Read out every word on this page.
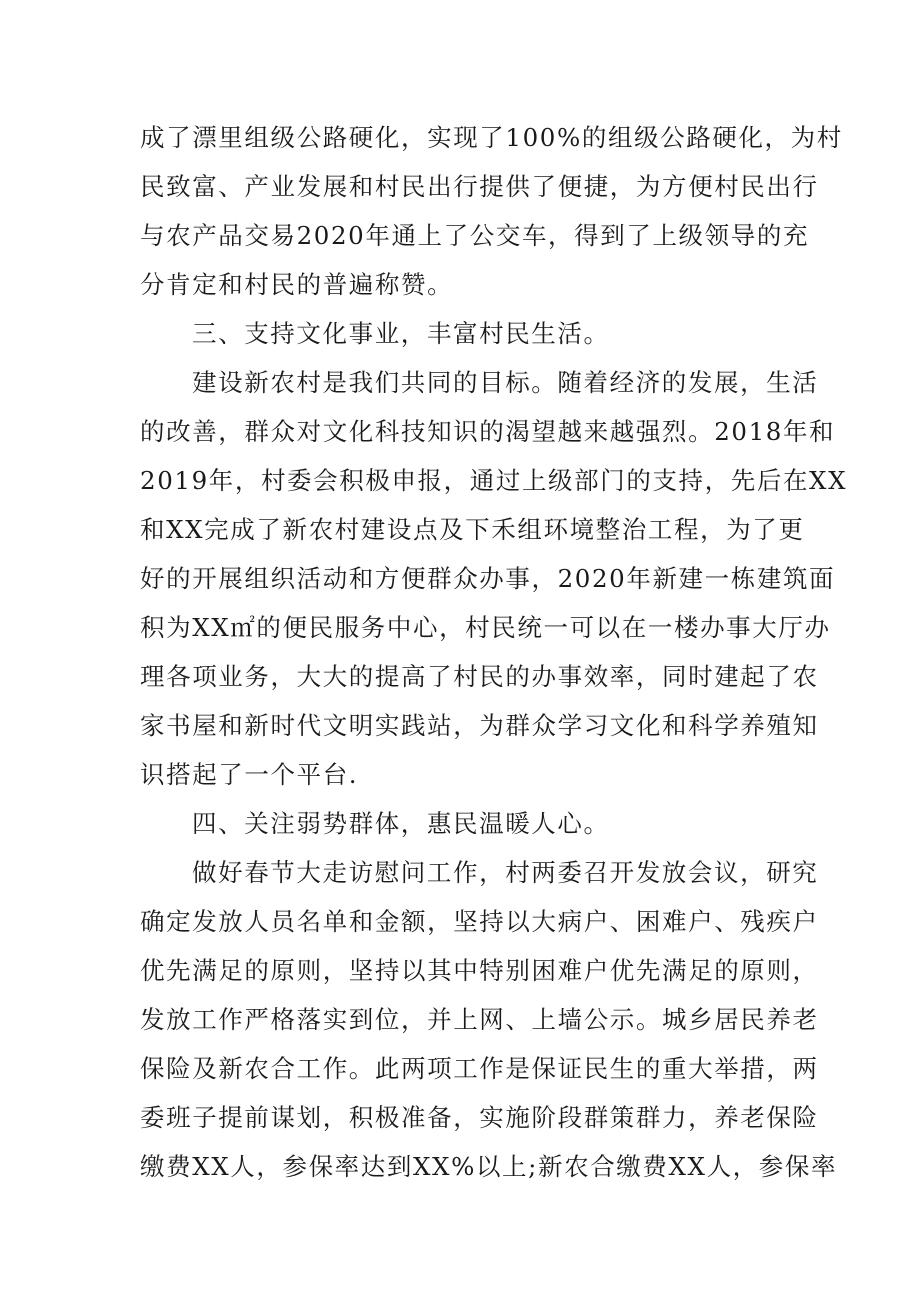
成了漂里组级公路硬化，实现了100%的组级公路硬化，为村
民致富、产业发展和村民出行提供了便捷，为方便村民出行
与农产品交易2020年通上了公交车，得到了上级领导的充
分肯定和村民的普遍称赞。
三、支持文化事业，丰富村民生活。
建设新农村是我们共同的目标。随着经济的发展，生活
的改善，群众对文化科技知识的渴望越来越强烈。2018年和
2019年，村委会积极申报，通过上级部门的支持，先后在XX
和XX完成了新农村建设点及下禾组环境整治工程，为了更
好的开展组织活动和方便群众办事，2020年新建一栋建筑面
积为XX㎡的便民服务中心，村民统一可以在一楼办事大厅办
理各项业务，大大的提高了村民的办事效率，同时建起了农
家书屋和新时代文明实践站，为群众学习文化和科学养殖知
识搭起了一个平台.
四、关注弱势群体，惠民温暖人心。
做好春节大走访慰问工作，村两委召开发放会议，研究
确定发放人员名单和金额，坚持以大病户、困难户、残疾户
优先满足的原则，坚持以其中特别困难户优先满足的原则，
发放工作严格落实到位，并上网、上墙公示。城乡居民养老
保险及新农合工作。此两项工作是保证民生的重大举措，两
委班子提前谋划，积极准备，实施阶段群策群力，养老保险
缴费XX人，参保率达到XX%以上;新农合缴费XX人，参保率
